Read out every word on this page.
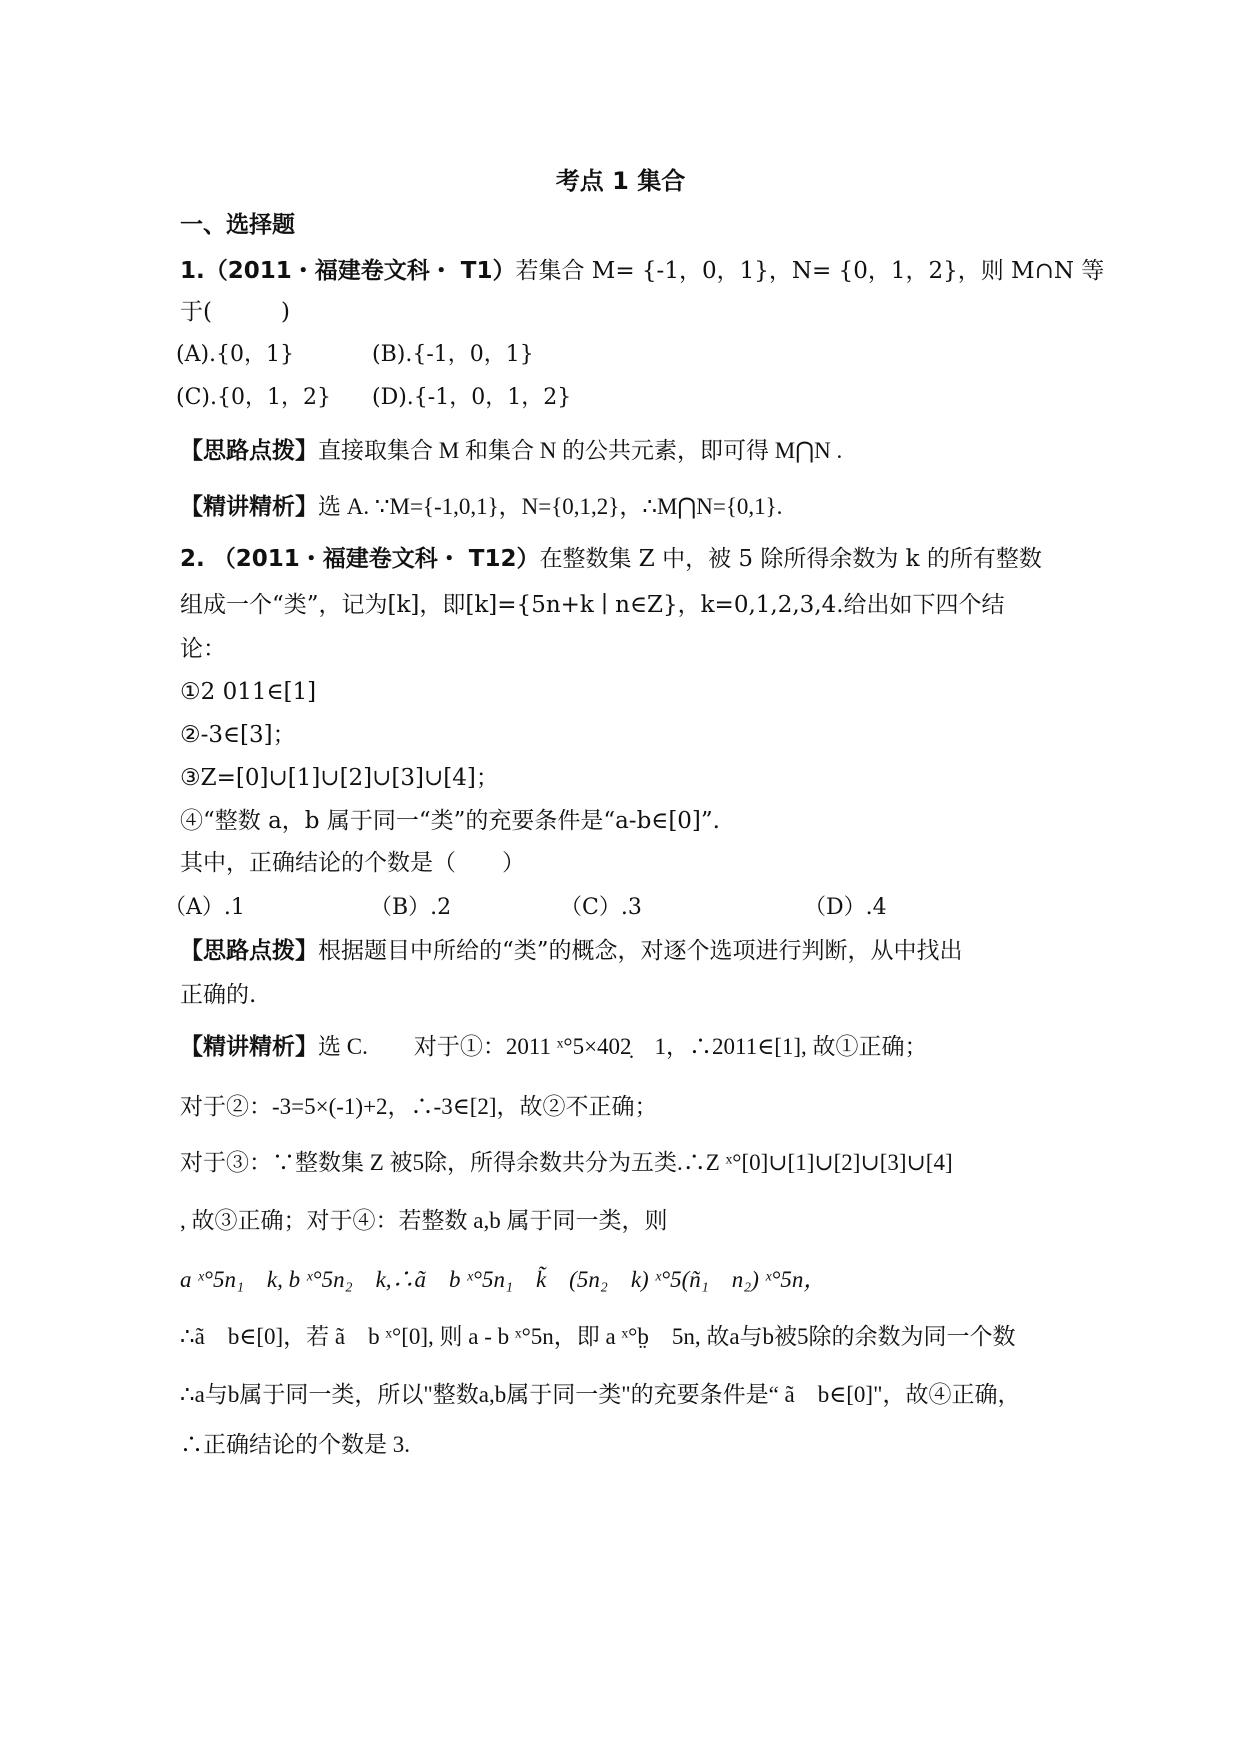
考点 1 集合
一、选择题
1.（2011・福建卷文科・ T1）若集合 M= {-1，0，1}，N= {0，1，2}，则 M∩N 等
于(　　　)
(A).{0，1}	(B).{-1，0，1}
(C).{0，1，2} (D).{-1，0，1，2}
【思路点拨】直接取集合 M 和集合 N 的公共元素，即可得 M⋂N .
【精讲精析】选 A. ∵M={-1,0,1}，N={0,1,2}，∴M⋂N={0,1}.
2. （2011・福建卷文科・ T12）在整数集 Z 中，被 5 除所得余数为 k 的所有整数
组成一个“类”，记为[k]，即[k]={5n+k ∣ n∈Z}，k=0,1,2,3,4.给出如下四个结
论：
①2 011∈[1]
②-3∈[3]；
③Z=[0]∪[1]∪[2]∪[3]∪[4]；
④“整数 a，b 属于同一“类”的充要条件是“a-b∈[0]”.
其中，正确结论的个数是（　　）
（A）.1	（B）.2	（C）.3	（D）.4
【思路点拨】根据题目中所给的“类”的概念，对逐个选项进行判断，从中找出
正确的.
【精讲精析】选 C.　　对于①：2011 ˣ°5×402̣　1，∴2011∈[1], 故①正确；
对于②：-3=5×(-1)+2，∴-3∈[2]，故②不正确；
对于③：∵整数集 Z 被5除，所得余数共分为五类.∴Z ˣ°[0]∪[1]∪[2]∪[3]∪[4]
, 故③正确；对于④：若整数 a,b 属于同一类，则
a ˣ°5n₁　k, b ˣ°5n₂　k,∴ã　b ˣ°5n₁　k̃　(5n₂　k) ˣ°5(ñ₁　n₂) ˣ°5n，
∴ã　b∈[0]，若 ã　b ˣ°[0], 则 a - b ˣ°5n，即 a ˣ°b̤　5n, 故a与b被5除的余数为同一个数
∴a与b属于同一类，所以"整数a,b属于同一类"的充要条件是“ ã　b∈[0]"，故④正确，
∴正确结论的个数是 3.
